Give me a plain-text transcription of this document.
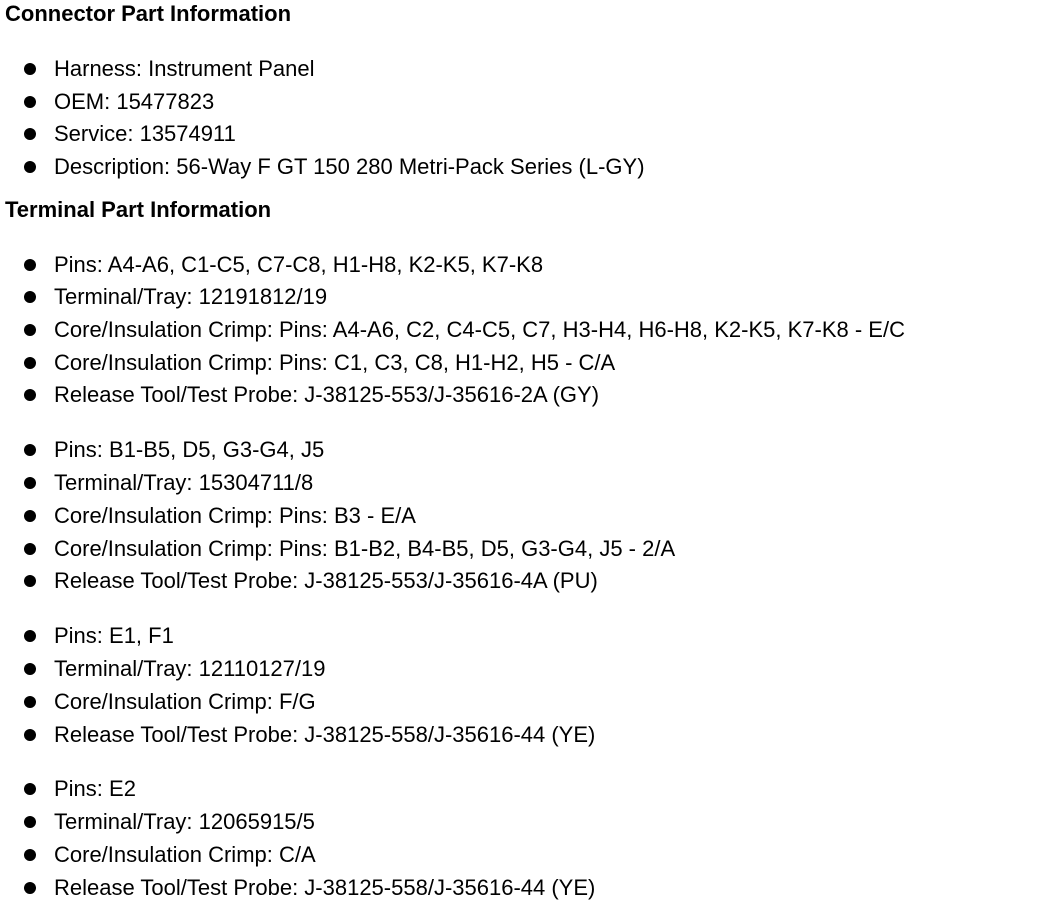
Connector Part Information
Harness: Instrument Panel
OEM: 15477823
Service: 13574911
Description: 56-Way F GT 150 280 Metri-Pack Series (L-GY)
Terminal Part Information
Pins: A4-A6, C1-C5, C7-C8, H1-H8, K2-K5, K7-K8
Terminal/Tray: 12191812/19
Core/Insulation Crimp: Pins: A4-A6, C2, C4-C5, C7, H3-H4, H6-H8, K2-K5, K7-K8 - E/C
Core/Insulation Crimp: Pins: C1, C3, C8, H1-H2, H5 - C/A
Release Tool/Test Probe: J-38125-553/J-35616-2A (GY)
Pins: B1-B5, D5, G3-G4, J5
Terminal/Tray: 15304711/8
Core/Insulation Crimp: Pins: B3 - E/A
Core/Insulation Crimp: Pins: B1-B2, B4-B5, D5, G3-G4, J5 - 2/A
Release Tool/Test Probe: J-38125-553/J-35616-4A (PU)
Pins: E1, F1
Terminal/Tray: 12110127/19
Core/Insulation Crimp: F/G
Release Tool/Test Probe: J-38125-558/J-35616-44 (YE)
Pins: E2
Terminal/Tray: 12065915/5
Core/Insulation Crimp: C/A
Release Tool/Test Probe: J-38125-558/J-35616-44 (YE)
